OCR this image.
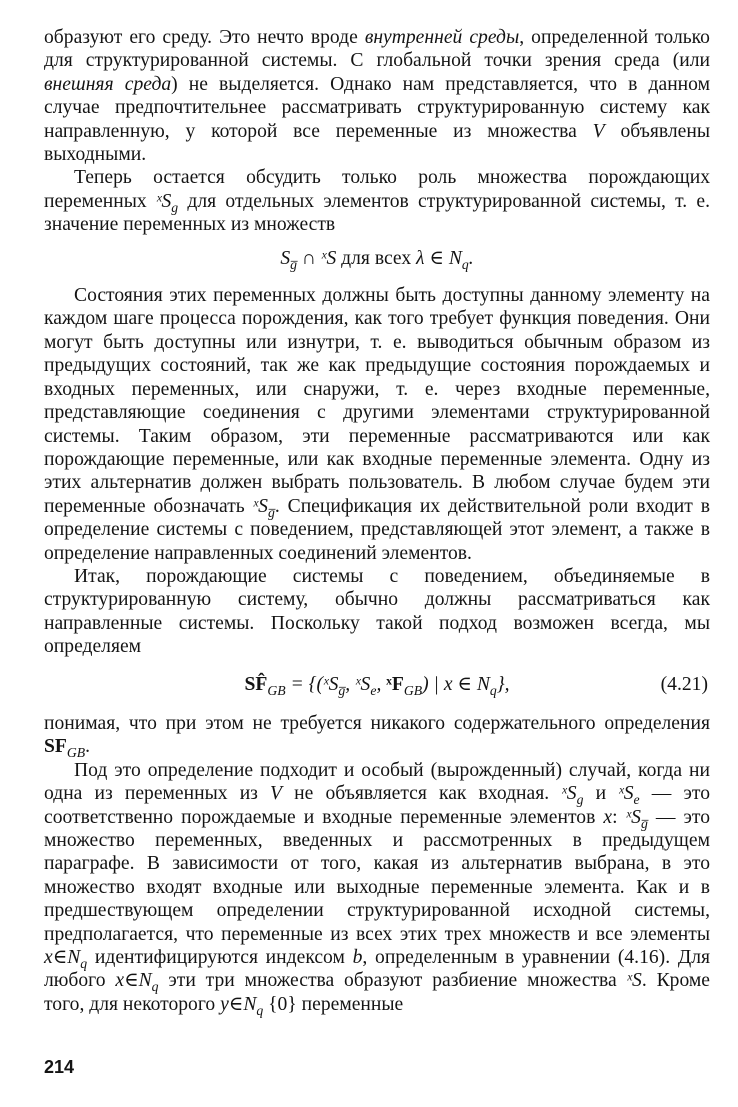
образуют его среду. Это нечто вроде внутренней среды, определенной только для структурированной системы. С глобальной точки зрения среда (или внешняя среда) не выделяется. Однако нам представляется, что в данном случае предпочтительнее рассматривать структурированную систему как направленную, у которой все переменные из множества V объявлены выходными.

Теперь остается обсудить только роль множества порождающих переменных ˣS$_g$ для отдельных элементов структурированной системы, т. е. значение переменных из множеств

$S_{g̅}$ ∩ ˣS для всех λ ∈ $N_q$.

Состояния этих переменных должны быть доступны данному элементу на каждом шаге процесса порождения, как того требует функция поведения. Они могут быть доступны или изнутри, т. е. выводиться обычным образом из предыдущих состояний, так же как предыдущие состояния порождаемых и входных переменных, или снаружи, т. е. через входные переменные, представляющие соединения с другими элементами структурированной системы. Таким образом, эти переменные рассматриваются или как порождающие переменные, или как входные переменные элемента. Одну из этих альтернатив должен выбрать пользователь. В любом случае будем эти переменные обозначать ˣS$_{g̅}$. Спецификация их действительной роли входит в определение системы с поведением, представляющей этот элемент, а также в определение направленных соединений элементов.

Итак, порождающие системы с поведением, объединяемые в структурированную систему, обычно должны рассматриваться как направленные системы. Поскольку такой подход возможен всегда, мы определяем

$SF̂_{GB}$ = {(ˣS$_{g̅}$, ˣS$_e$, ˣF$_{GB}$) | x ∈ $N_q$},	(4.21)

понимая, что при этом не требуется никакого содержательного определения $SF_{GB}$.

Под это определение подходит и особый (вырожденный) случай, когда ни одна из переменных из V не объявляется как входная. ˣS$_g$ и ˣS$_e$ — это соответственно порождаемые и входные переменные элементов x: ˣS$_{g̅}$ — это множество переменных, введенных и рассмотренных в предыдущем параграфе. В зависимости от того, какая из альтернатив выбрана, в это множество входят входные или выходные переменные элемента. Как и в предшествующем определении структурированной исходной системы, предполагается, что переменные из всех этих трех множеств и все элементы $x\in N_q$ идентифицируются индексом b, определенным в уравнении (4.16). Для любого $x\in N_q$ эти три множества образуют разбиение множества ˣS. Кроме того, для некоторого $y\in N_q$ {0} переменные

214
